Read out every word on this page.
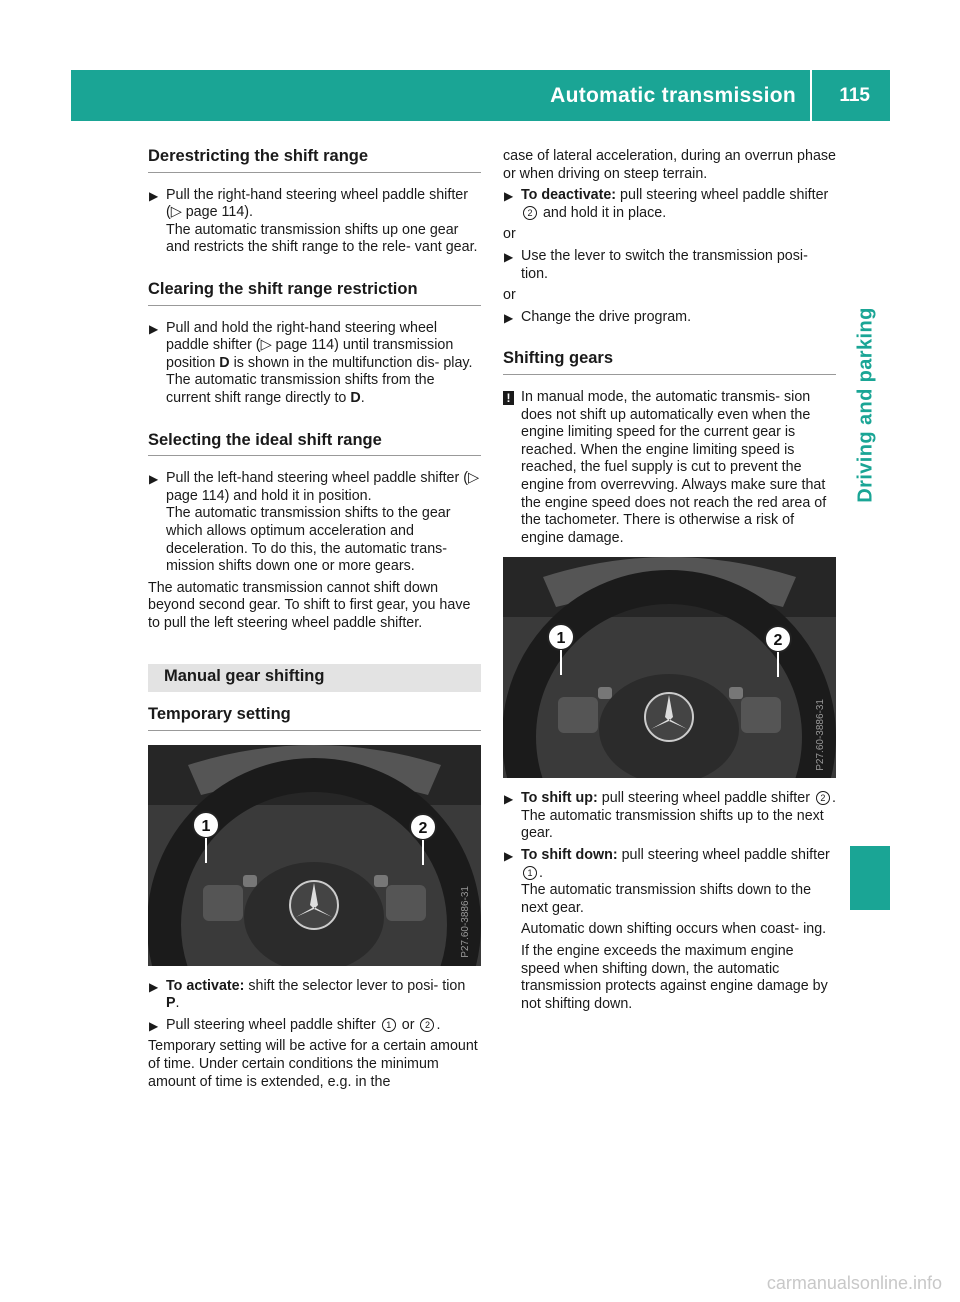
Automatic transmission	115
Driving and parking
Derestricting the shift range
▶ Pull the right-hand steering wheel paddle shifter (▷ page 114).
The automatic transmission shifts up one gear and restricts the shift range to the rele- vant gear.
Clearing the shift range restriction
▶ Pull and hold the right-hand steering wheel paddle shifter (▷ page 114) until transmission position D is shown in the multifunction dis- play.
The automatic transmission shifts from the current shift range directly to D.
Selecting the ideal shift range
▶ Pull the left-hand steering wheel paddle shifter (▷ page 114) and hold it in position.
The automatic transmission shifts to the gear which allows optimum acceleration and deceleration. To do this, the automatic trans- mission shifts down one or more gears.

The automatic transmission cannot shift down beyond second gear. To shift to first gear, you have to pull the left steering wheel paddle shifter.

Manual gear shifting
Temporary setting
1	2
P27.60-3886-31
▶ To activate: shift the selector lever to posi- tion P.
▶ Pull steering wheel paddle shifter 1 or 2 .

Temporary setting will be active for a certain amount of time. Under certain conditions the minimum amount of time is extended, e.g. in the

case of lateral acceleration, during an overrun phase or when driving on steep terrain.

▶ To deactivate: pull steering wheel paddle shifter 2 and hold it in place.

or

▶ Use the lever to switch the transmission posi- tion.

or

▶ Change the drive program.
Shifting gears
! In manual mode, the automatic transmis- sion does not shift up automatically even when the engine limiting speed for the current gear is reached. When the engine limiting speed is reached, the fuel supply is cut to prevent the engine from overrevving. Always make sure that the engine speed does not reach the red area of the tachometer. There is otherwise a risk of engine damage.
1	2
P27.60-3886-31
▶ To shift up: pull steering wheel paddle shifter 2 .
The automatic transmission shifts up to the next gear.
▶ To shift down: pull steering wheel paddle shifter 1 .
The automatic transmission shifts down to the next gear.

Automatic down shifting occurs when coast- ing.

If the engine exceeds the maximum engine speed when shifting down, the automatic transmission protects against engine damage by not shifting down.

carmanualsonline.info
